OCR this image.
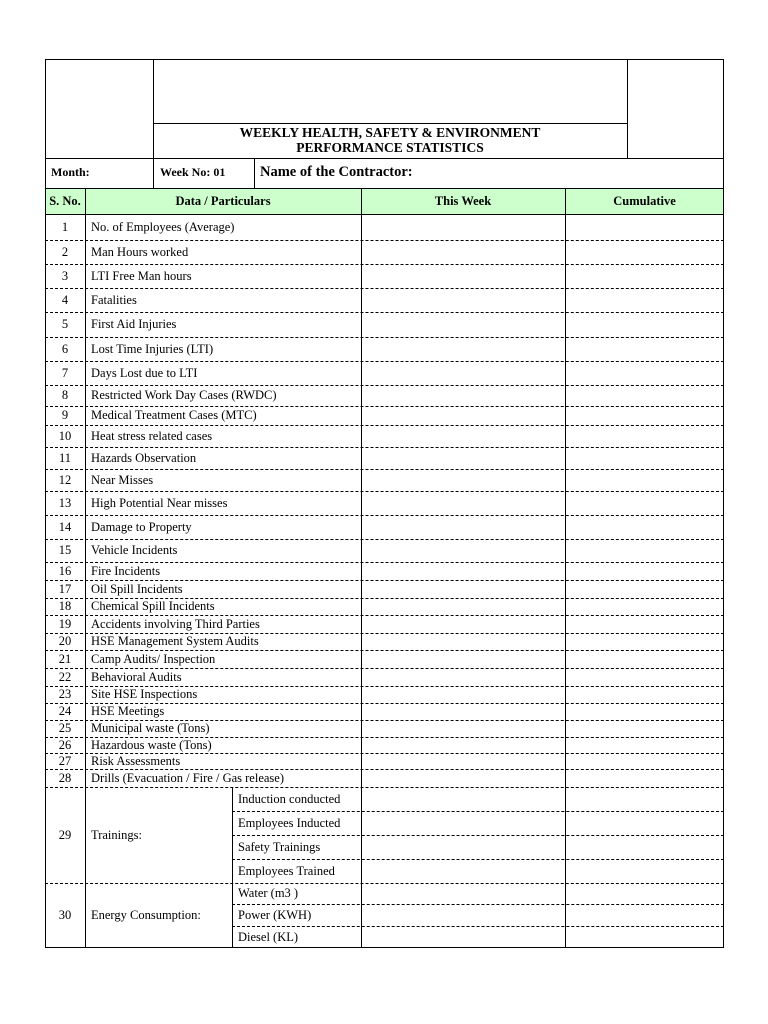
WEEKLY HEALTH, SAFETY & ENVIRONMENT
PERFORMANCE STATISTICS
Month:	Week No: 01 Name of the Contractor:
S. No.	Data / Particulars	This Week	Cumulative
1	No. of Employees (Average)
2	Man Hours worked
3	LTI Free Man hours
4	Fatalities
5	First Aid Injuries
6	Lost Time Injuries (LTI)
7	Days Lost due to LTI
8	Restricted Work Day Cases (RWDC)
9	Medical Treatment Cases (MTC)
10	Heat stress related cases
11	Hazards Observation
12	Near Misses
13	High Potential Near misses
14	Damage to Property
15	Vehicle Incidents
16	Fire Incidents
17	Oil Spill Incidents
18	Chemical Spill Incidents
19	Accidents involving Third Parties
20	HSE Management System Audits
21	Camp Audits/ Inspection
22	Behavioral Audits
23	Site HSE Inspections
24	HSE Meetings
25	Municipal waste (Tons)
26	Hazardous waste (Tons)
27	Risk Assessments
28	Drills (Evacuation / Fire / Gas release)
29	Trainings:
Induction conducted
Employees Inducted
Safety Trainings
Employees Trained
30	Energy Consumption:
Water (m3 )
Power (KWH)
Diesel (KL)
